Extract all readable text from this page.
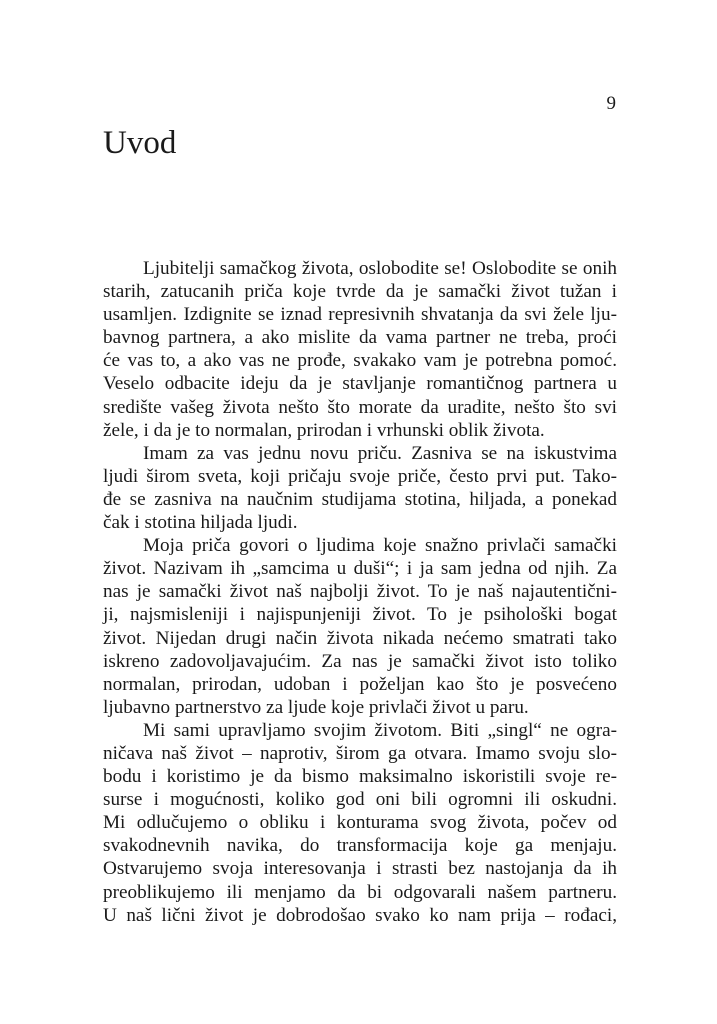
9
Uvod

Ljubitelji samačkog života, oslobodite se! Oslobodite se onih
starih, zatucanih priča koje tvrde da je samački život tužan i
usamljen. Izdignite se iznad represivnih shvatanja da svi žele lju-
bavnog partnera, a ako mislite da vama partner ne treba, proći
će vas to, a ako vas ne prođe, svakako vam je potrebna pomoć.
Veselo odbacite ideju da je stavljanje romantičnog partnera u
središte vašeg života nešto što morate da uradite, nešto što svi
žele, i da je to normalan, prirodan i vrhunski oblik života.

Imam za vas jednu novu priču. Zasniva se na iskustvima
ljudi širom sveta, koji pričaju svoje priče, često prvi put. Tako-
đe se zasniva na naučnim studijama stotina, hiljada, a ponekad
čak i stotina hiljada ljudi.

Moja priča govori o ljudima koje snažno privlači samački
život. Nazivam ih „samcima u duši“; i ja sam jedna od njih. Za
nas je samački život naš najbolji život. To je naš najautentični-
ji, najsmisleniji i najispunjeniji život. To je psihološki bogat
život. Nijedan drugi način života nikada nećemo smatrati tako
iskreno zadovoljavajućim. Za nas je samački život isto toliko
normalan, prirodan, udoban i poželjan kao što je posvećeno
ljubavno partnerstvo za ljude koje privlači život u paru.

Mi sami upravljamo svojim životom. Biti „singl“ ne ogra-
ničava naš život – naprotiv, širom ga otvara. Imamo svoju slo-
bodu i koristimo je da bismo maksimalno iskoristili svoje re-
surse i mogućnosti, koliko god oni bili ogromni ili oskudni.
Mi odlučujemo o obliku i konturama svog života, počev od
svakodnevnih navika, do transformacija koje ga menjaju.
Ostvarujemo svoja interesovanja i strasti bez nastojanja da ih
preoblikujemo ili menjamo da bi odgovarali našem partneru.
U naš lični život je dobrodošao svako ko nam prija – rođaci,
